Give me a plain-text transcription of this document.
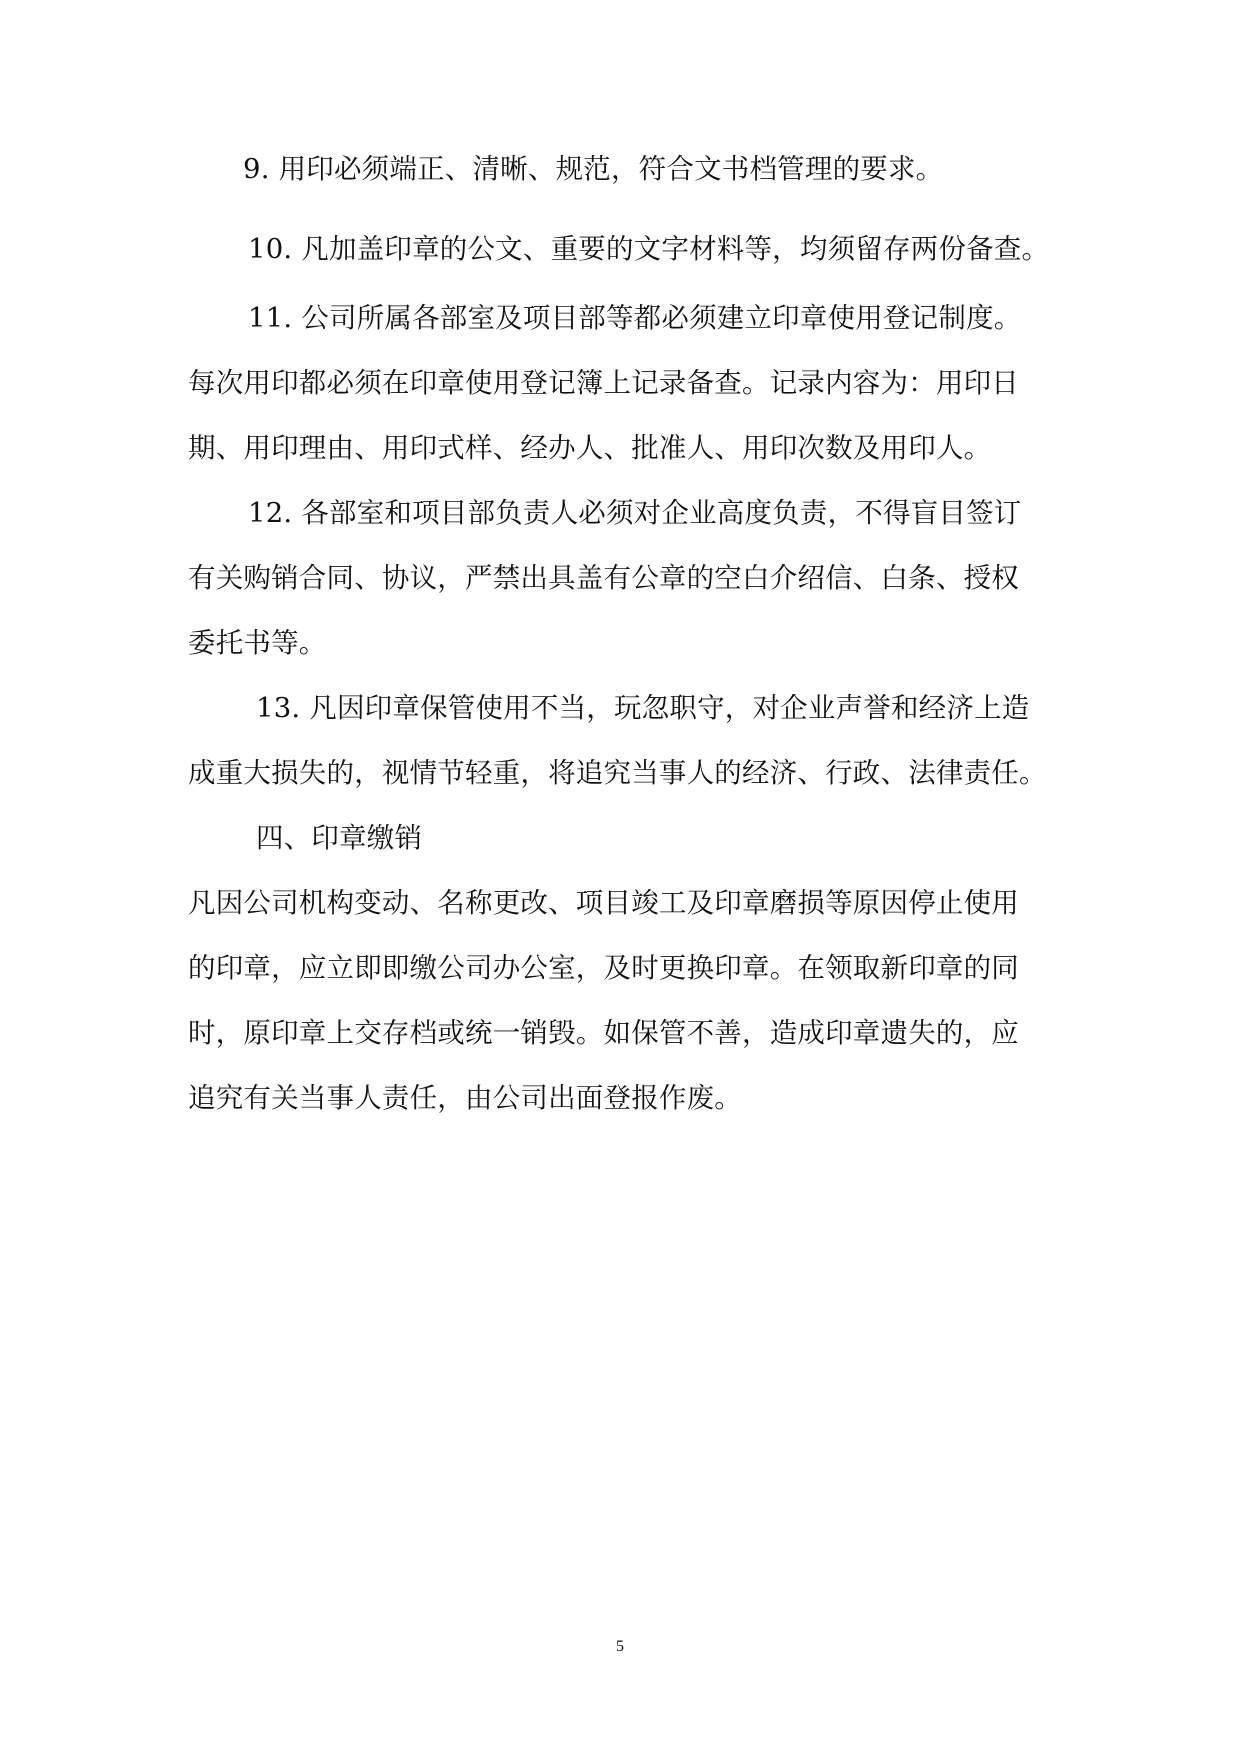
9. 用印必须端正、清晰、规范，符合文书档管理的要求。
10. 凡加盖印章的公文、重要的文字材料等，均须留存两份备查。
11. 公司所属各部室及项目部等都必须建立印章使用登记制度。
每次用印都必须在印章使用登记簿上记录备查。记录内容为：用印日
期、用印理由、用印式样、经办人、批准人、用印次数及用印人。
12. 各部室和项目部负责人必须对企业高度负责，不得盲目签订
有关购销合同、协议，严禁出具盖有公章的空白介绍信、白条、授权
委托书等。
13. 凡因印章保管使用不当，玩忽职守，对企业声誉和经济上造
成重大损失的，视情节轻重，将追究当事人的经济、行政、法律责任。
四、印章缴销
凡因公司机构变动、名称更改、项目竣工及印章磨损等原因停止使用
的印章，应立即即缴公司办公室，及时更换印章。在领取新印章的同
时，原印章上交存档或统一销毁。如保管不善，造成印章遗失的，应
追究有关当事人责任，由公司出面登报作废。
5
